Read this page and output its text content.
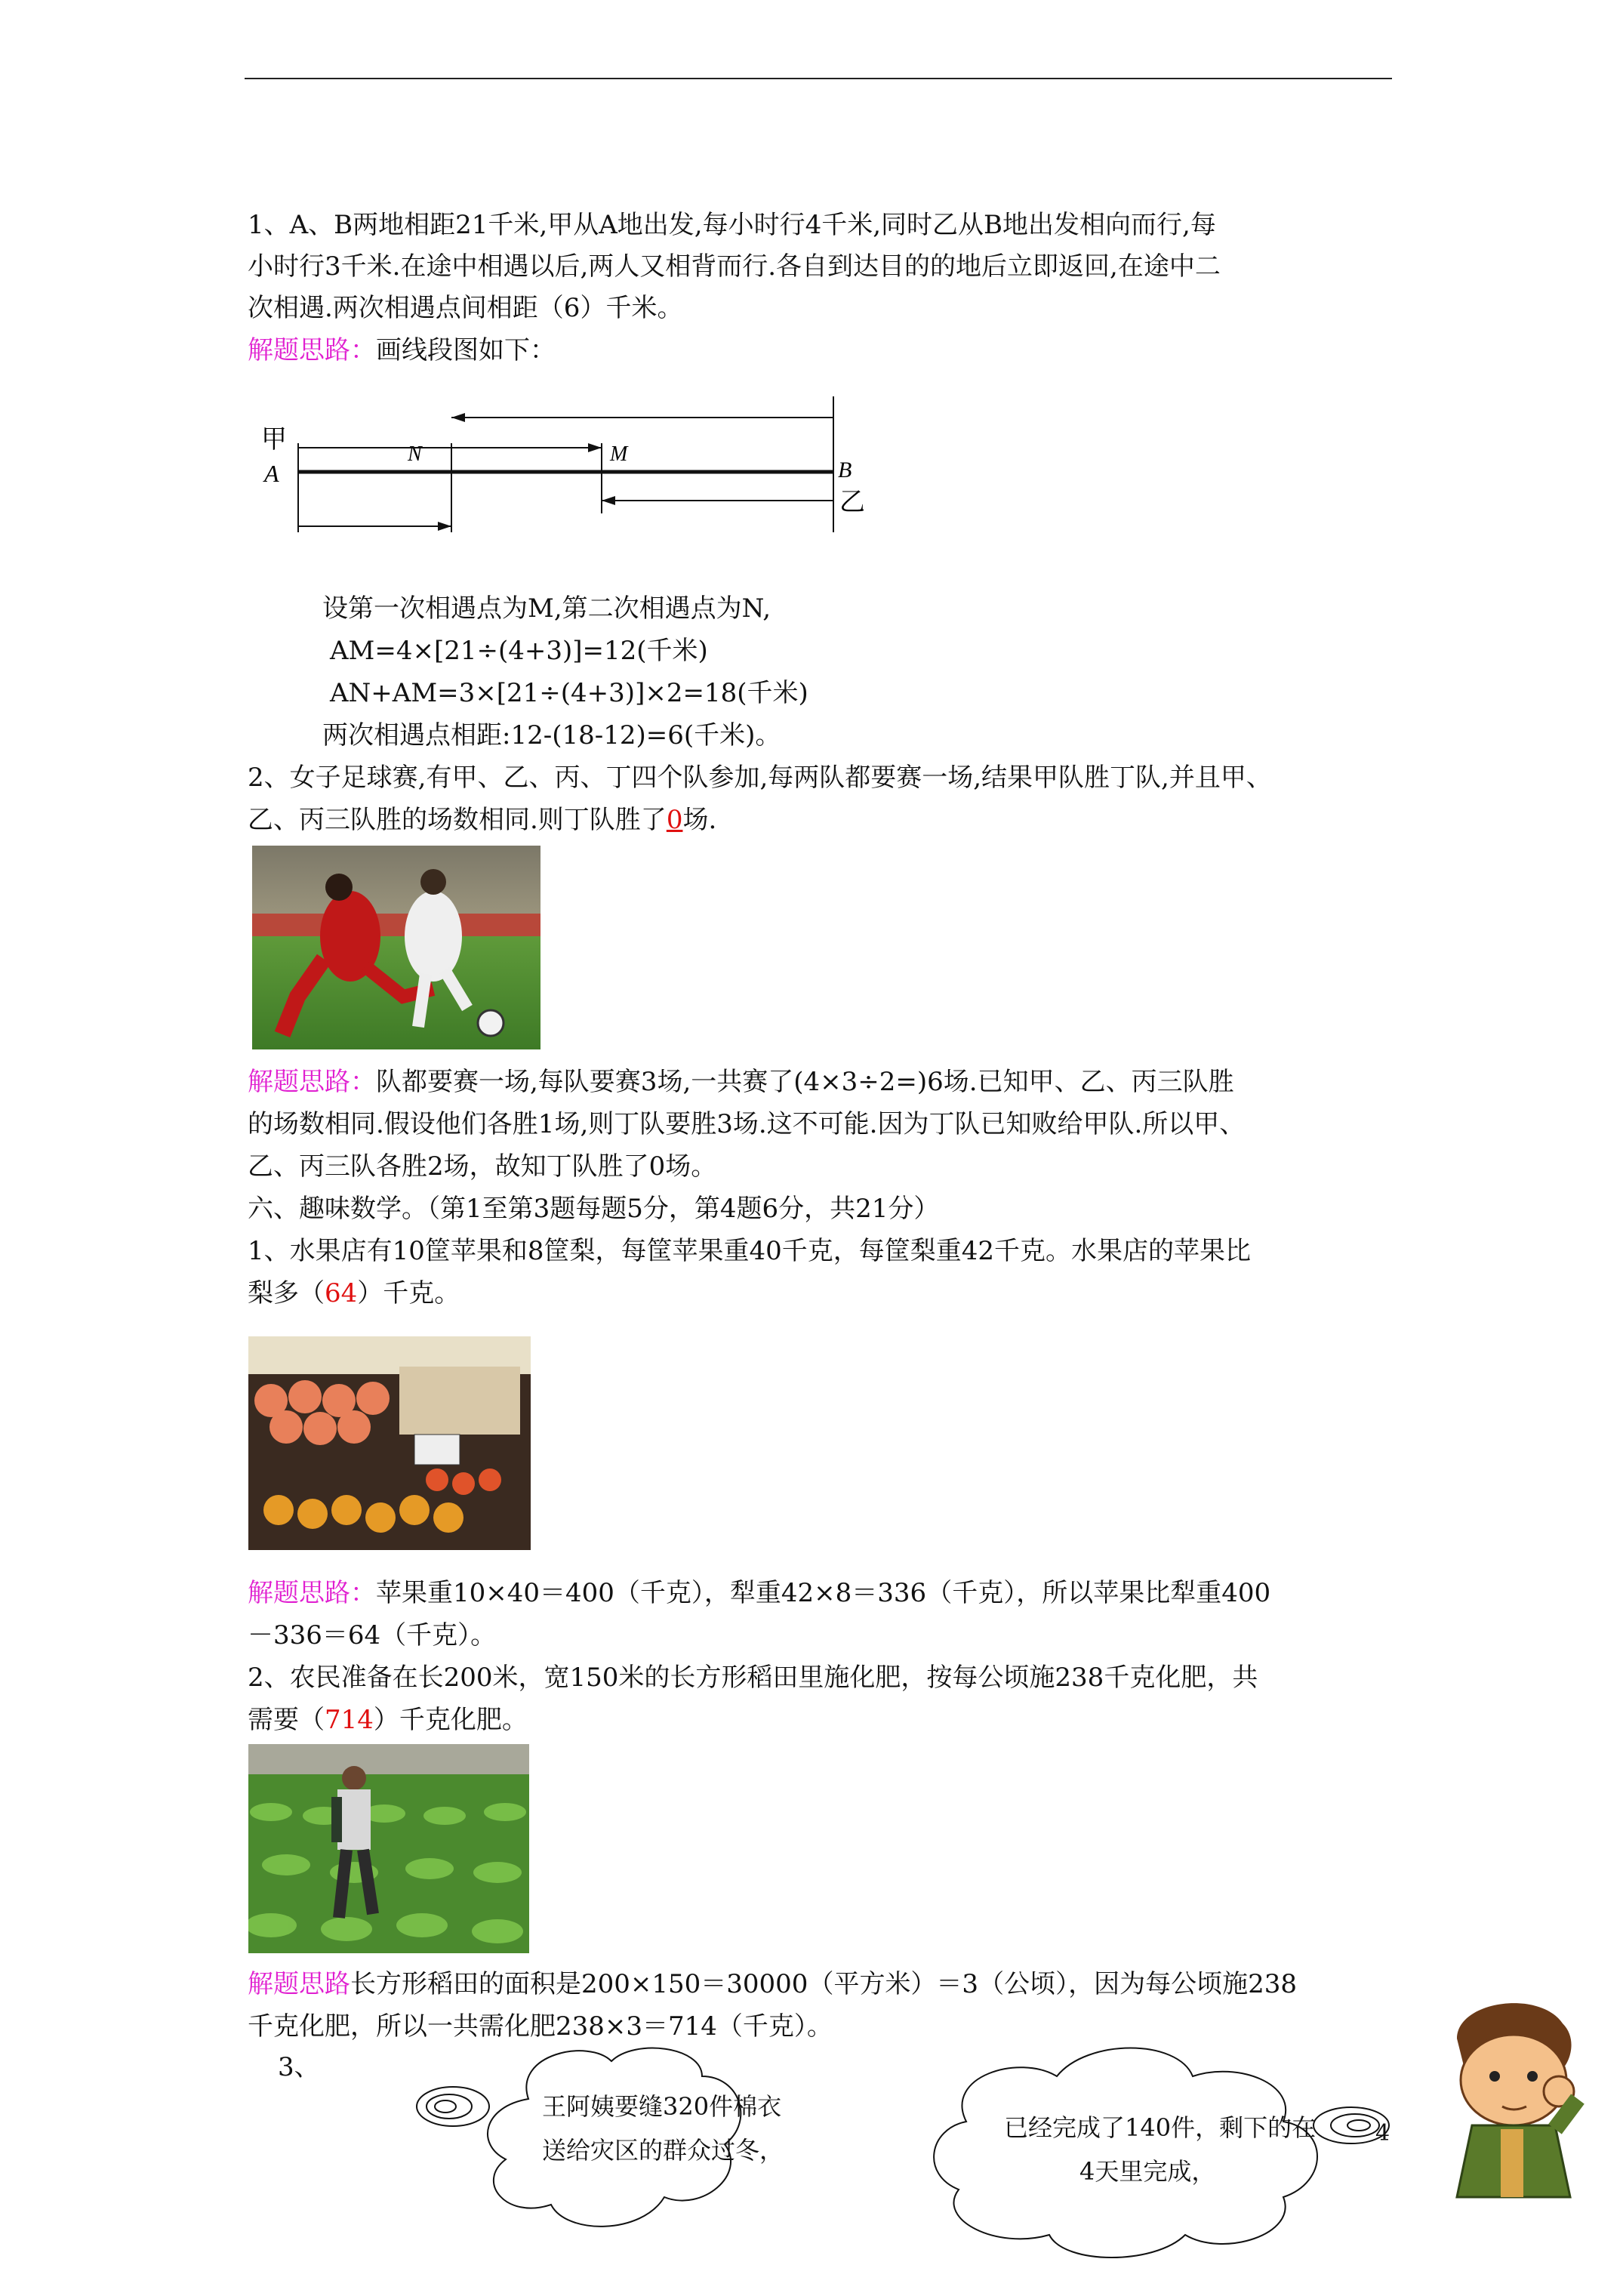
1、A、B两地相距21千米,甲从A地出发,每小时行4千米,同时乙从B地出发相向而行,每
小时行3千米.在途中相遇以后,两人又相背而行.各自到达目的的地后立即返回,在途中二
次相遇.两次相遇点间相距（6）千米。
解题思路：画线段图如下：
甲
A	B
乙
N	M
设第一次相遇点为M,第二次相遇点为N,
AM=4×[21÷(4+3)]=12(千米)
AN+AM=3×[21÷(4+3)]×2=18(千米)
两次相遇点相距:12-(18-12)=6(千米)。
2、女子足球赛,有甲、乙、丙、丁四个队参加,每两队都要赛一场,结果甲队胜丁队,并且甲、
乙、丙三队胜的场数相同.则丁队胜了0场.
解题思路：队都要赛一场,每队要赛3场,一共赛了(4×3÷2=)6场.已知甲、乙、丙三队胜
的场数相同.假设他们各胜1场,则丁队要胜3场.这不可能.因为丁队已知败给甲队.所以甲、
乙、丙三队各胜2场，故知丁队胜了0场。
六、趣味数学。（第1至第3题每题5分，第4题6分，共21分）
1、水果店有10筐苹果和8筐梨，每筐苹果重40千克，每筐梨重42千克。水果店的苹果比
梨多（64）千克。
解题思路：苹果重10×40＝400（千克），犁重42×8＝336（千克），所以苹果比犁重400
－336＝64（千克）。
2、农民准备在长200米，宽150米的长方形稻田里施化肥，按每公顷施238千克化肥，共
需要（714）千克化肥。
解题思路长方形稻田的面积是200×150＝30000（平方米）＝3（公顷），因为每公顷施238
千克化肥，所以一共需化肥238×3＝714（千克）。
3、
王阿姨要缝320件棉衣
送给灾区的群众过冬，
已经完成了140件，剩下的在
4天里完成，
4
